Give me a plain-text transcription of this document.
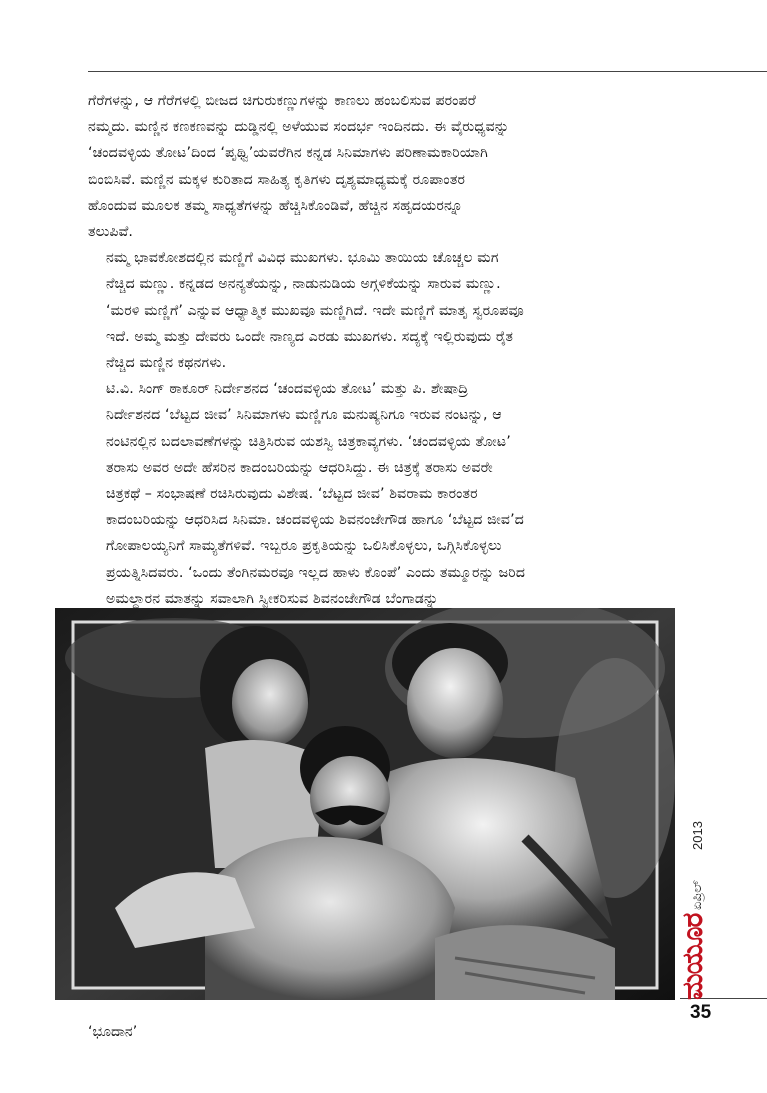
ಗೆರೆಗಳನ್ನು, ಆ ಗೆರೆಗಳಲ್ಲಿ ಬೀಜದ ಚಿಗುರುಕಣ್ಣುಗಳನ್ನು ಕಾಣಲು ಹಂಬಲಿಸುವ ಪರಂಪರೆ
ನಮ್ಮದು. ಮಣ್ಣಿನ ಕಣಕಣವನ್ನು ದುಡ್ಡಿನಲ್ಲಿ ಅಳೆಯುವ ಸಂದರ್ಭ ಇಂದಿನದು. ಈ ವೈರುಧ್ಯವನ್ನು
‘ಚಂದವಳ್ಳಿಯ ತೋಟ’ದಿಂದ ‘ಪೃಥ್ವಿ’ಯವರೆಗಿನ ಕನ್ನಡ ಸಿನಿಮಾಗಳು ಪರಿಣಾಮಕಾರಿಯಾಗಿ
ಬಿಂಬಿಸಿವೆ. ಮಣ್ಣಿನ ಮಕ್ಕಳ ಕುರಿತಾದ ಸಾಹಿತ್ಯ ಕೃತಿಗಳು ದೃಶ್ಯಮಾಧ್ಯಮಕ್ಕೆ ರೂಪಾಂತರ
ಹೊಂದುವ ಮೂಲಕ ತಮ್ಮ ಸಾಧ್ಯತೆಗಳನ್ನು ಹೆಚ್ಚಿಸಿಕೊಂಡಿವೆ, ಹೆಚ್ಚಿನ ಸಹೃದಯರನ್ನೂ
ತಲುಪಿವೆ.

ನಮ್ಮ ಭಾವಕೋಶದಲ್ಲಿನ ಮಣ್ಣಿಗೆ ವಿವಿಧ ಮುಖಗಳು. ಭೂಮಿ ತಾಯಿಯ ಚೊಚ್ಚಲ ಮಗ
ನೆಚ್ಚಿದ ಮಣ್ಣು. ಕನ್ನಡದ ಅನನ್ಯತೆಯನ್ನು, ನಾಡುನುಡಿಯ ಅಗ್ಗಳಿಕೆಯನ್ನು ಸಾರುವ ಮಣ್ಣು.
‘ಮರಳಿ ಮಣ್ಣಿಗೆ’ ಎನ್ನುವ ಆಧ್ಯಾತ್ಮಿಕ ಮುಖವೂ ಮಣ್ಣಿಗಿದೆ. ಇದೇ ಮಣ್ಣಿಗೆ ಮಾತೃ ಸ್ವರೂಪವೂ
ಇದೆ. ಅಮ್ಮ ಮತ್ತು ದೇವರು ಒಂದೇ ನಾಣ್ಯದ ಎರಡು ಮುಖಗಳು. ಸದ್ಯಕ್ಕೆ ಇಲ್ಲಿರುವುದು ರೈತ
ನೆಚ್ಚಿದ ಮಣ್ಣಿನ ಕಥನಗಳು.

ಟಿ.ವಿ. ಸಿಂಗ್ ಠಾಕೂರ್ ನಿರ್ದೇಶನದ ‘ಚಂದವಳ್ಳಿಯ ತೋಟ’ ಮತ್ತು ಪಿ. ಶೇಷಾದ್ರಿ
ನಿರ್ದೇಶನದ ‘ಬೆಟ್ಟದ ಜೀವ’ ಸಿನಿಮಾಗಳು ಮಣ್ಣಿಗೂ ಮನುಷ್ಯನಿಗೂ ಇರುವ ನಂಟನ್ನು, ಆ
ನಂಟಿನಲ್ಲಿನ ಬದಲಾವಣೆಗಳನ್ನು ಚಿತ್ರಿಸಿರುವ ಯಶಸ್ವಿ ಚಿತ್ರಕಾವ್ಯಗಳು. ‘ಚಂದವಳ್ಳಿಯ ತೋಟ’
ತರಾಸು ಅವರ ಅದೇ ಹೆಸರಿನ ಕಾದಂಬರಿಯನ್ನು ಆಧರಿಸಿದ್ದು. ಈ ಚಿತ್ರಕ್ಕೆ ತರಾಸು ಅವರೇ
ಚಿತ್ರಕಥೆ – ಸಂಭಾಷಣೆ ರಚಿಸಿರುವುದು ವಿಶೇಷ. ‘ಬೆಟ್ಟದ ಜೀವ’ ಶಿವರಾಮ ಕಾರಂತರ
ಕಾದಂಬರಿಯನ್ನು ಆಧರಿಸಿದ ಸಿನಿಮಾ. ಚಂದವಳ್ಳಿಯ ಶಿವನಂಜೇಗೌಡ ಹಾಗೂ ‘ಬೆಟ್ಟದ ಜೀವ’ದ
ಗೋಪಾಲಯ್ಯನಿಗೆ ಸಾಮ್ಯತೆಗಳಿವೆ. ಇಬ್ಬರೂ ಪ್ರಕೃತಿಯನ್ನು ಒಲಿಸಿಕೊಳ್ಳಲು, ಒಗ್ಗಿಸಿಕೊಳ್ಳಲು
ಪ್ರಯತ್ನಿಸಿದವರು. ‘ಒಂದು ತೆಂಗಿನಮರವೂ ಇಲ್ಲದ ಹಾಳು ಕೊಂಪೆ’ ಎಂದು ತಮ್ಮೂರನ್ನು ಜರಿದ
ಅಮಲ್ದಾರನ ಮಾತನ್ನು ಸವಾಲಾಗಿ ಸ್ವೀಕರಿಸುವ ಶಿವನಂಜೇಗೌಡ ಬೆಂಗಾಡನ್ನು

2013
ಏಪ್ರಿಲ್
ಮಯೂರ
35
‘ಭೂದಾನ’
